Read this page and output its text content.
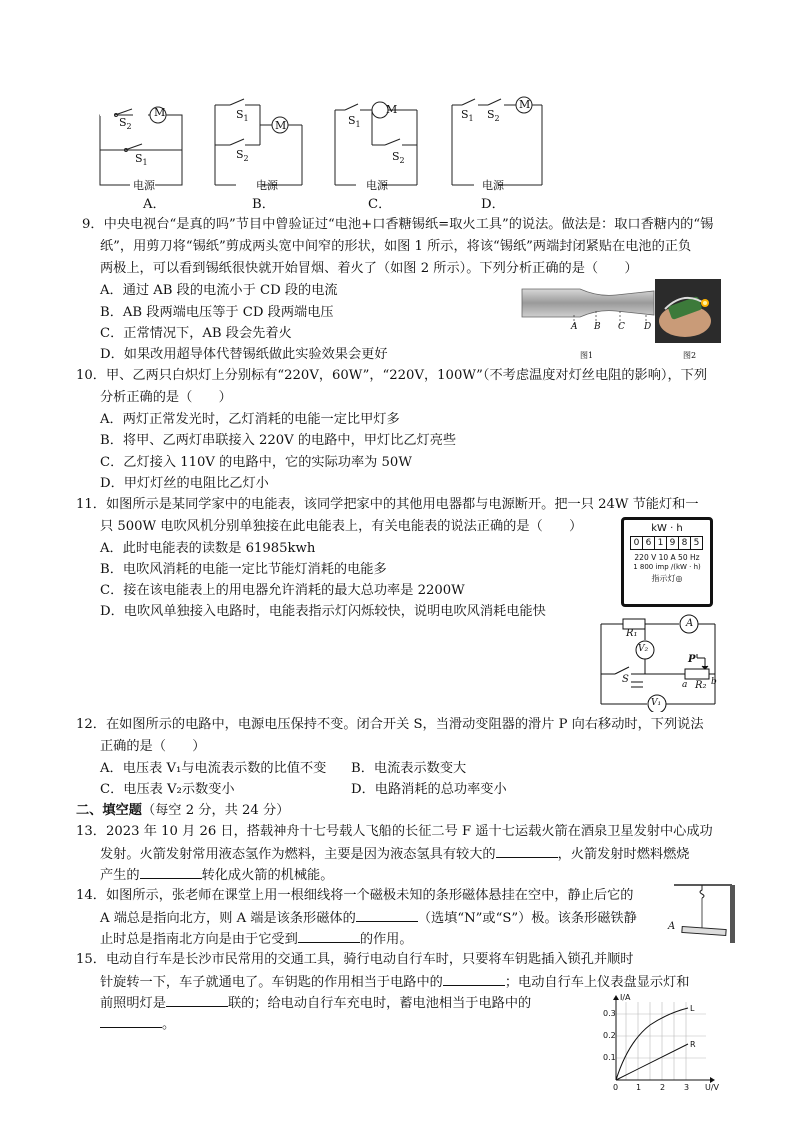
M
$S_2$
$S_1$
电源
$S_1$
M
$S_2$
电源
$S_1$
M
$S_2$
电源
$S_1$ $S_2$
M
电源
A．	B．	C．	D．
9．中央电视台“是真的吗”节目中曾验证过“电池+口香糖锡纸=取火工具”的说法。做法是：取口香糖内的“锡
纸”，用剪刀将“锡纸”剪成两头宽中间窄的形状，如图 1 所示，将该“锡纸”两端封闭紧贴在电池的正负
两极上，可以看到锡纸很快就开始冒烟、着火了（如图 2 所示）。下列分析正确的是（　　）
A．通过 AB 段的电流小于 CD 段的电流
B．AB 段两端电压等于 CD 段两端电压
C．正常情况下，AB 段会先着火
D．如果改用超导体代替锡纸做此实验效果会更好
A B C D
图1	图2
10．甲、乙两只白炽灯上分别标有“220V，60W”，“220V，100W”（不考虑温度对灯丝电阻的影响），下列
分析正确的是（　　）
A．两灯正常发光时，乙灯消耗的电能一定比甲灯多
B．将甲、乙两灯串联接入 220V 的电路中，甲灯比乙灯亮些
C．乙灯接入 110V 的电路中，它的实际功率为 50W
D．甲灯灯丝的电阻比乙灯小
11．如图所示是某同学家中的电能表，该同学把家中的其他用电器都与电源断开。把一只 24W 节能灯和一
只 500W 电吹风机分别单独接在此电能表上，有关电能表的说法正确的是（　　）
A．此时电能表的读数是 61985kwh
B．电吹风消耗的电能一定比节能灯消耗的电能多
C．接在该电能表上的用电器允许消耗的最大总功率是 2200W
D．电吹风单独接入电路时，电能表指示灯闪烁较快，说明电吹风消耗电能快
kW · h
0 6 1 9 8 5
220 V 10 A 50 Hz
1 800 imp /(kW · h)
指示灯◎
R₁
A
V₂
P
S	a R₂ b
V₁
12．在如图所示的电路中，电源电压保持不变。闭合开关 S，当滑动变阻器的滑片 P 向右移动时，下列说法
正确的是（　　）
A．电压表 V₁与电流表示数的比值不变 B．电流表示数变大
C．电压表 V₂示数变小	D．电路消耗的总功率变小
二、填空题（每空 2 分，共 24 分）
13．2023 年 10 月 26 日，搭载神舟十七号载人飞船的长征二号 F 遥十七运载火箭在酒泉卫星发射中心成功
发射。火箭发射常用液态氢作为燃料，主要是因为液态氢具有较大的	，火箭发射时燃料燃烧
产生的	转化成火箭的机械能。
14．如图所示，张老师在课堂上用一根细线将一个磁极未知的条形磁体悬挂在空中，静止后它的
A 端总是指向北方，则 A 端是该条形磁体的	（选填“N”或“S”）极。该条形磁铁静
止时总是指南北方向是由于它受到	的作用。
A
15．电动自行车是长沙市民常用的交通工具，骑行电动自行车时，只要将车钥匙插入锁孔并顺时
针旋转一下，车子就通电了。车钥匙的作用相当于电路中的	；电动自行车上仪表盘显示灯和
前照明灯是	联的；给电动自行车充电时，蓄电池相当于电路中的
。
I/A
0.3
0.2
0.1
0 1 2 3 U/V
L
R
